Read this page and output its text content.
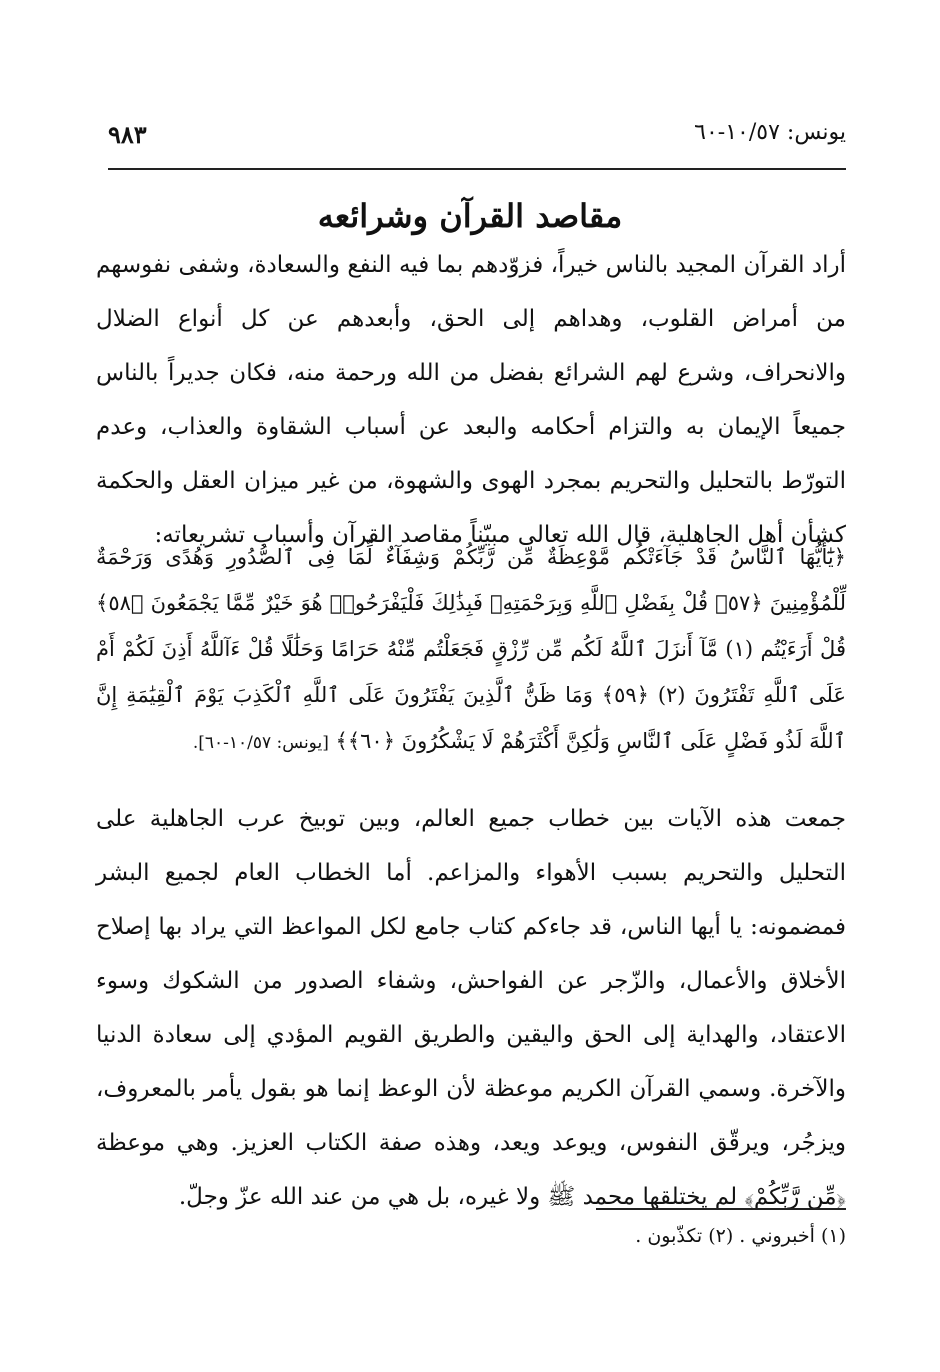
يونس: ١٠/٥٧-٦٠
٩٨٣
مقاصد القرآن وشرائعه

أراد القرآن المجيد بالناس خيراً، فزوّدهم بما فيه النفع والسعادة، وشفى نفوسهم من أمراض القلوب، وهداهم إلى الحق، وأبعدهم عن كل أنواع الضلال والانحراف، وشرع لهم الشرائع بفضل من الله ورحمة منه، فكان جديراً بالناس جميعاً الإيمان به والتزام أحكامه والبعد عن أسباب الشقاوة والعذاب، وعدم التورّط بالتحليل والتحريم بمجرد الهوى والشهوة، من غير ميزان العقل والحكمة كشأن أهل الجاهلية، قال الله تعالى مبيّناً مقاصد القرآن وأسباب تشريعاته:

﴿يَٰٓأَيُّهَا ٱلنَّاسُ قَدْ جَآءَتْكُم مَّوْعِظَةٌ مِّن رَّبِّكُمْ وَشِفَآءٌ لِّمَا فِى ٱلصُّدُورِ وَهُدًى وَرَحْمَةٌ لِّلْمُؤْمِنِينَ ﴿٥٧﴾ قُلْ بِفَضْلِ ٱللَّهِ وَبِرَحْمَتِهِۦ فَبِذَٰلِكَ فَلْيَفْرَحُوا۟ هُوَ خَيْرٌ مِّمَّا يَجْمَعُونَ ﴿٥٨﴾ قُلْ أَرَءَيْتُم (١) مَّآ أَنزَلَ ٱللَّهُ لَكُم مِّن رِّزْقٍ فَجَعَلْتُم مِّنْهُ حَرَامًا وَحَلَٰلًا قُلْ ءَآللَّهُ أَذِنَ لَكُمْ أَمْ عَلَى ٱللَّهِ تَفْتَرُونَ (٢) ﴿٥٩﴾ وَمَا ظَنُّ ٱلَّذِينَ يَفْتَرُونَ عَلَى ٱللَّهِ ٱلْكَذِبَ يَوْمَ ٱلْقِيَٰمَةِ إِنَّ ٱللَّهَ لَذُو فَضْلٍ عَلَى ٱلنَّاسِ وَلَٰكِنَّ أَكْثَرَهُمْ لَا يَشْكُرُونَ ﴿٦٠﴾﴾ [يونس: ١٠/٥٧-٦٠].

جمعت هذه الآيات بين خطاب جميع العالم، وبين توبيخ عرب الجاهلية على التحليل والتحريم بسبب الأهواء والمزاعم. أما الخطاب العام لجميع البشر فمضمونه: يا أيها الناس، قد جاءكم كتاب جامع لكل المواعظ التي يراد بها إصلاح الأخلاق والأعمال، والزّجر عن الفواحش، وشفاء الصدور من الشكوك وسوء الاعتقاد، والهداية إلى الحق واليقين والطريق القويم المؤدي إلى سعادة الدنيا والآخرة. وسمي القرآن الكريم موعظة لأن الوعظ إنما هو بقول يأمر بالمعروف، ويزجُر، ويرقّق النفوس، ويوعد ويعد، وهذه صفة الكتاب العزيز. وهي موعظة ﴿مِّن رَّبِّكُمْ﴾ لم يختلقها محمد ﷺ ولا غيره، بل هي من عند الله عزّ وجلّ.

(١) أخبروني . (٢) تكذّبون .
